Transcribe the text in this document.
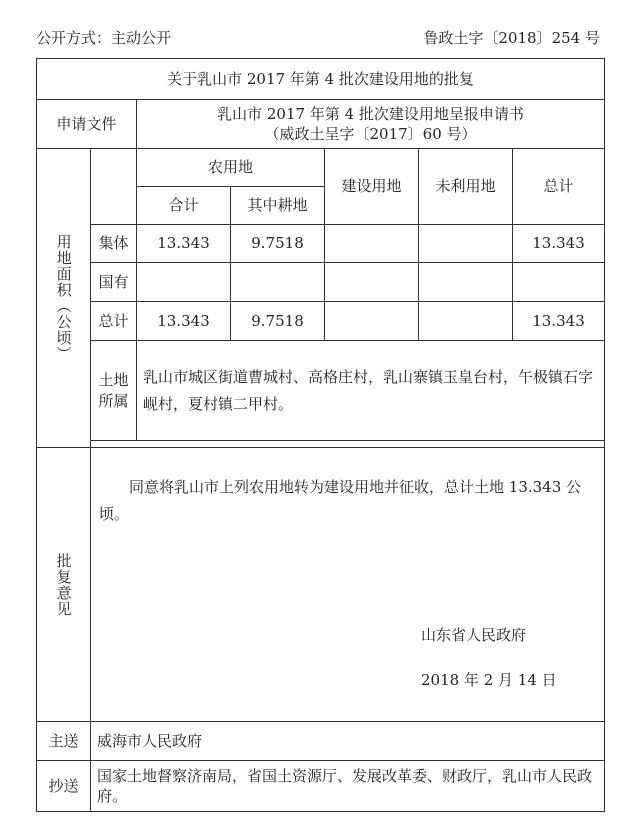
公开方式：主动公开	鲁政土字〔2018〕254 号
关于乳山市 2017 年第 4 批次建设用地的批复						
申请文件		乳山市 2017 年第 4 批次建设用地呈报申请书
（威政土呈字〔2017〕60 号）				

用地面积（公顷）		农用地		建设用地	未利用地	总计
		合计	其中耕地			
	集体	13.343	9.7518			13.343
	国有					
	总计	13.343	9.7518			13.343
	土地所属	乳山市城区街道曹城村、高格庄村，乳山寨镇玉皇台村，午极镇石字岘村，夏村镇二甲村。				

批复意见	同意将乳山市上列农用地转为建设用地并征收，总计土地 13.343 公顷。
山东省人民政府
2018 年 2 月 14 日					

主送	威海市人民政府					
抄送	国家土地督察济南局，省国土资源厅、发展改革委、财政厅，乳山市人民政府。					
